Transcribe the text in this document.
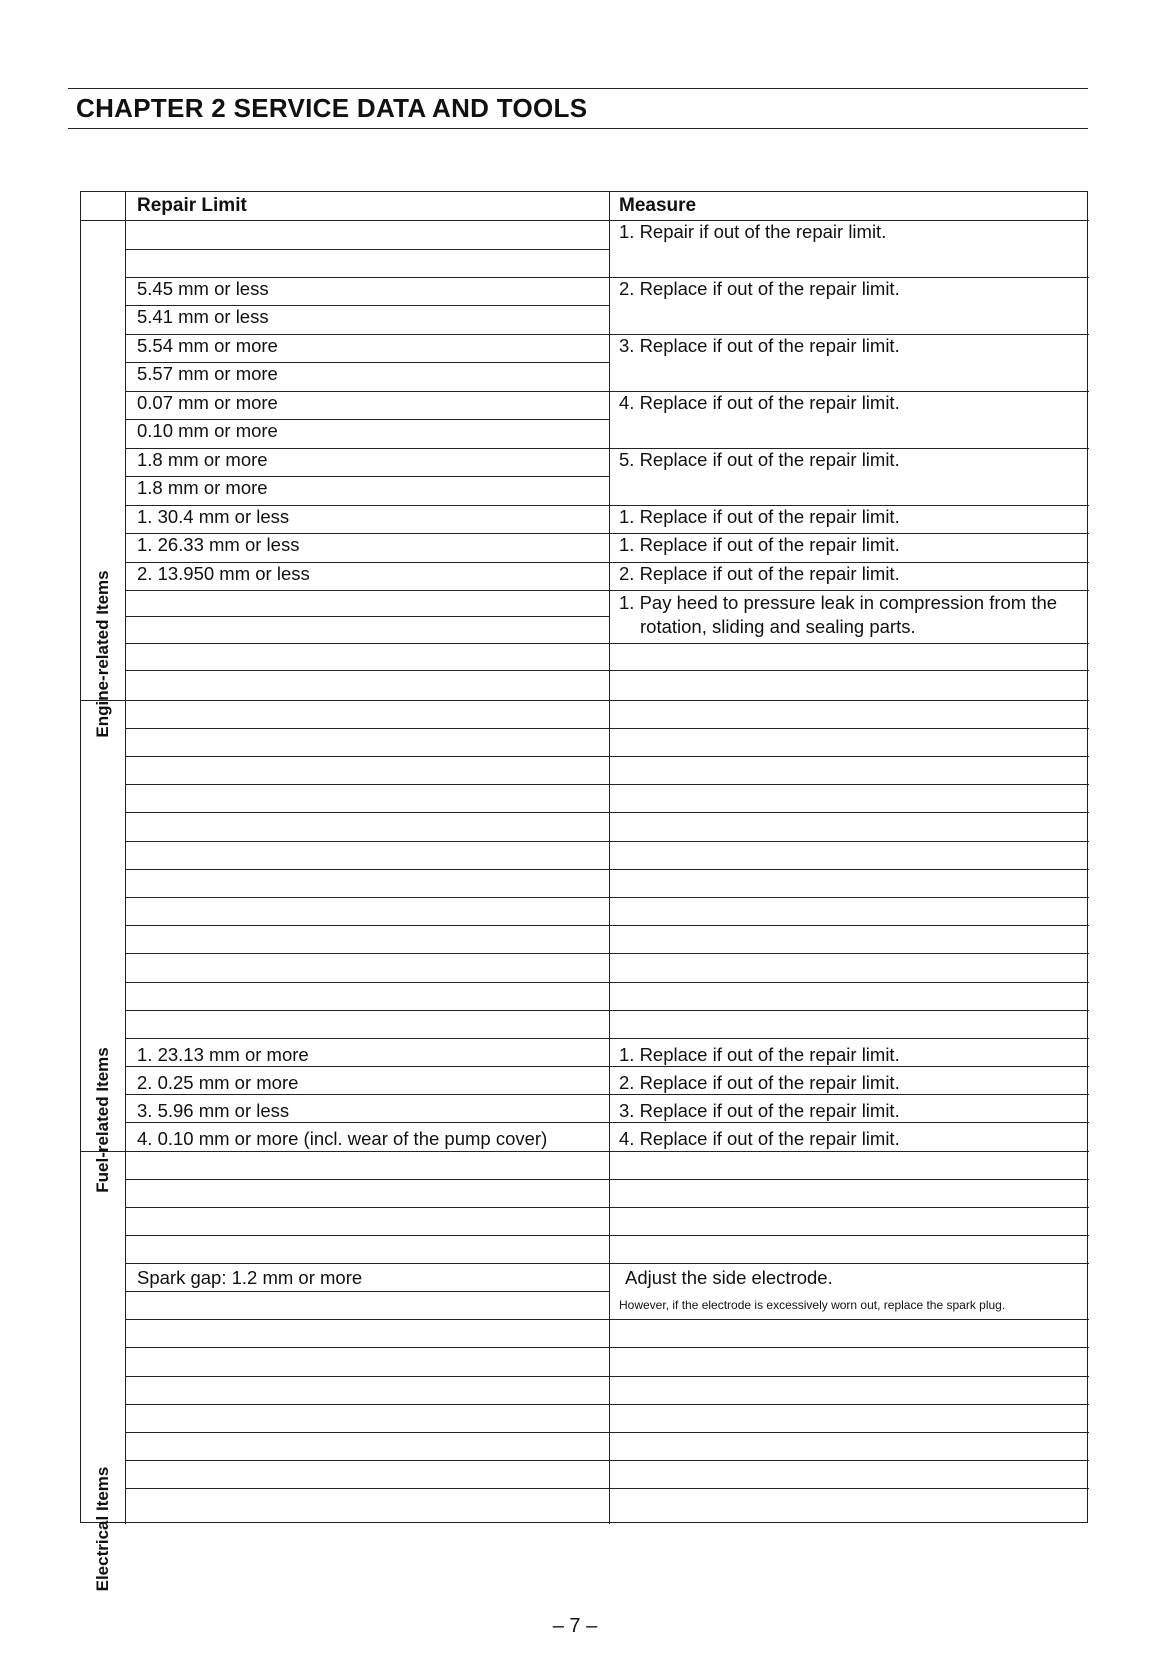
CHAPTER 2 SERVICE DATA AND TOOLS
Repair Limit	Measure
Engine-related Items
Fuel-related Items
Electrical Items
5.45 mm or less
5.41 mm or less
5.54 mm or more
5.57 mm or more
0.07 mm or more
0.10 mm or more
1.8 mm or more
1.8 mm or more
1. 30.4 mm or less
1. 26.33 mm or less
2. 13.950 mm or less
1. 23.13 mm or more
2. 0.25 mm or more
3. 5.96 mm or less
4. 0.10 mm or more (incl. wear of the pump cover)
Spark gap: 1.2 mm or more
1. Repair if out of the repair limit.
2. Replace if out of the repair limit.
3. Replace if out of the repair limit.
4. Replace if out of the repair limit.
5. Replace if out of the repair limit.
1. Replace if out of the repair limit.
1. Replace if out of the repair limit.
2. Replace if out of the repair limit.
1. Pay heed to pressure leak in compression from the rotation, sliding and sealing parts.
1. Replace if out of the repair limit.
2. Replace if out of the repair limit.
3. Replace if out of the repair limit.
4. Replace if out of the repair limit.
Adjust the side electrode.
However, if the electrode is excessively worn out, replace the spark plug.
– 7 –
